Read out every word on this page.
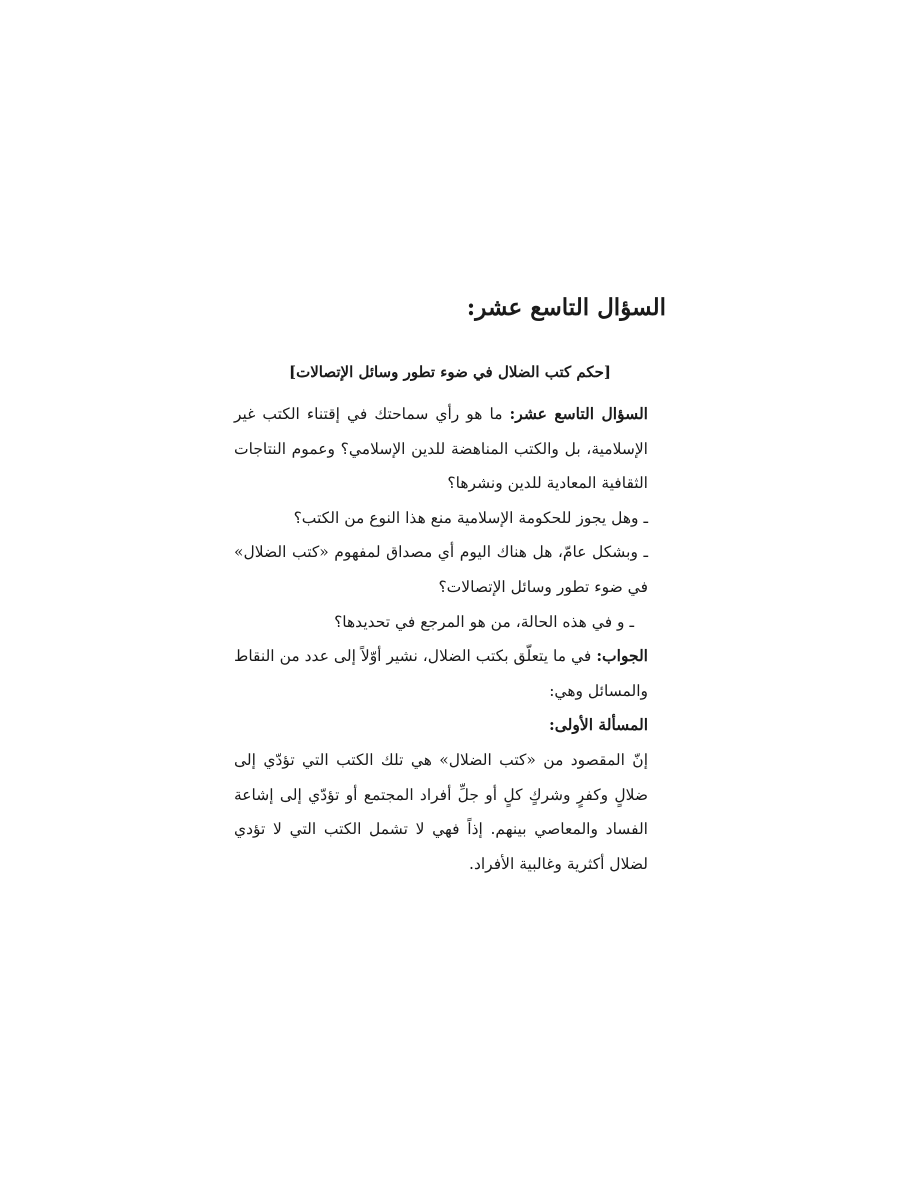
السؤال التاسع عشر:
[حكم كتب الضلال في ضوء تطور وسائل الإتصالات]

السؤال التاسع عشر: ما هو رأي سماحتك في إقتناء الكتب غير الإسلامية، بل والكتب المناهضة للدين الإسلامي؟ وعموم النتاجات الثقافية المعادية للدين ونشرها؟

ـ وهل يجوز للحكومة الإسلامية منع هذا النوع من الكتب؟

ـ وبشكل عامّ، هل هناك اليوم أي مصداق لمفهوم «كتب الضلال» في ضوء تطور وسائل الإتصالات؟

ـ و في هذه الحالة، من هو المرجع في تحديدها؟

الجواب: في ما يتعلّق بكتب الضلال، نشير أوّلاً إلى عدد من النقاط والمسائل وهي:

المسألة الأولى:

إنّ المقصود من «كتب الضلال» هي تلك الكتب التي تؤدّي إلى ضلالٍ وكفرٍ وشركٍ كلٍ أو جلِّ أفراد المجتمع أو تؤدّي إلى إشاعة الفساد والمعاصي بينهم. إذاً فهي لا تشمل الكتب التي لا تؤدي لضلال أكثرية وغالبية الأفراد.
